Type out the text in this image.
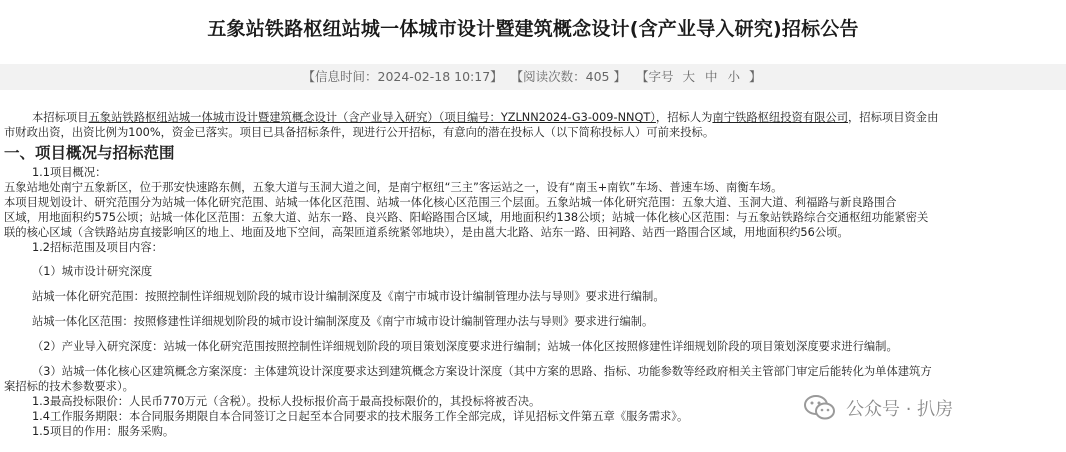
五象站铁路枢纽站城一体城市设计暨建筑概念设计(含产业导入研究)招标公告
【信息时间：2024-02-18 10:17】 【阅读次数：405 】 【字号 大 中 小 】
本招标项目五象站铁路枢纽站城一体城市设计暨建筑概念设计（含产业导入研究）（项目编号：YZLNN2024-G3-009-NNQT），招标人为南宁铁路枢纽投资有限公司，招标项目资金由
市财政出资，出资比例为100%，资金已落实。项目已具备招标条件，现进行公开招标，有意向的潜在投标人（以下简称投标人）可前来投标。
一、项目概况与招标范围
1.1项目概况：
五象站地处南宁五象新区，位于那安快速路东侧，五象大道与玉洞大道之间，是南宁枢纽“三主”客运站之一，设有“南玉+南钦”车场、普速车场、南衡车场。
本项目规划设计、研究范围分为站城一体化研究范围、站城一体化区范围、站城一体化核心区范围三个层面。五象站城一体化研究范围：五象大道、玉洞大道、利福路与新良路围合
区域，用地面积约575公顷；站城一体化区范围：五象大道、站东一路、良兴路、阳峪路围合区域，用地面积约138公顷；站城一体化核心区范围：与五象站铁路综合交通枢纽功能紧密关
联的核心区域（含铁路站房直接影响区的地上、地面及地下空间，高架匝道系统紧邻地块），是由邕大北路、站东一路、田祠路、站西一路围合区域，用地面积约56公顷。
1.2招标范围及项目内容：
（1）城市设计研究深度
站城一体化研究范围：按照控制性详细规划阶段的城市设计编制深度及《南宁市城市设计编制管理办法与导则》要求进行编制。
站城一体化区范围：按照修建性详细规划阶段的城市设计编制深度及《南宁市城市设计编制管理办法与导则》要求进行编制。
（2）产业导入研究深度：站城一体化研究范围按照控制性详细规划阶段的项目策划深度要求进行编制；站城一体化区按照修建性详细规划阶段的项目策划深度要求进行编制。
（3）站城一体化核心区建筑概念方案深度：主体建筑设计深度要求达到建筑概念方案设计深度（其中方案的思路、指标、功能参数等经政府相关主管部门审定后能转化为单体建筑方
案招标的技术参数要求）。
1.3最高投标限价：人民币770万元（含税）。投标人投标报价高于最高投标限价的，其投标将被否决。
1.4工作服务期限：本合同服务期限自本合同签订之日起至本合同要求的技术服务工作全部完成，详见招标文件第五章《服务需求》。
1.5项目的作用：服务采购。
公众号 · 扒房
